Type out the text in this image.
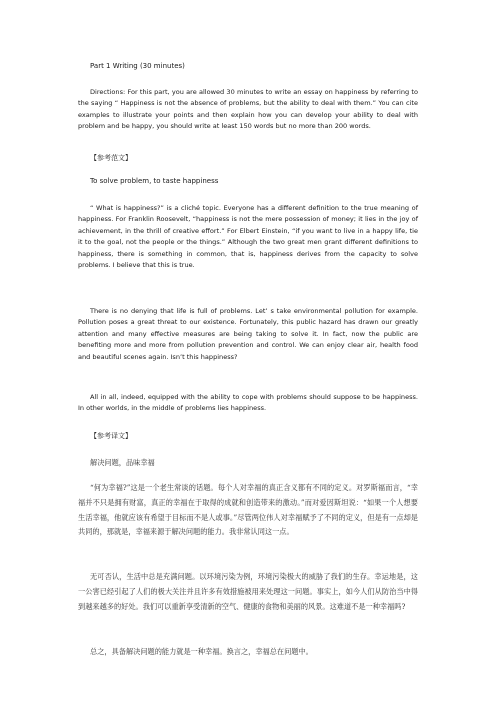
Part 1 Writing (30 minutes)

Directions: For this part, you are allowed 30 minutes to write an essay on happiness by referring to the saying “ Happiness is not the absence of problems, but the ability to deal with them.” You can cite examples to illustrate your points and then explain how you can develop your ability to deal with problem and be happy, you should write at least 150 words but no more than 200 words.

【参考范文】

To solve problem, to taste happiness

“ What is happiness?” is a cliché topic. Everyone has a different definition to the true meaning of happiness. For Franklin Roosevelt, “happiness is not the mere possession of money; it lies in the joy of achievement, in the thrill of creative effort.” For Elbert Einstein, “if you want to live in a happy life, tie it to the goal, not the people or the things.” Although the two great men grant different definitions to happiness, there is something in common, that is, happiness derives from the capacity to solve problems. I believe that this is true.

There is no denying that life is full of problems. Let’ s take environmental pollution for example. Pollution poses a great threat to our existence. Fortunately, this public hazard has drawn our greatly attention and many effective measures are being taking to solve it. In fact, now the public are benefiting more and more from pollution prevention and control. We can enjoy clear air, health food and beautiful scenes again. Isn’t this happiness?

All in all, indeed, equipped with the ability to cope with problems should suppose to be happiness. In other worlds, in the middle of problems lies happiness.

【参考译文】

解决问题，品味幸福

“何为幸福?”这是一个老生常谈的话题。每个人对幸福的真正含义都有不同的定义。对罗斯福而言，“幸福并不只是拥有财富，真正的幸福在于取得的成就和创造带来的激动。”而对爱因斯坦说：“如果一个人想要生活幸福，他就应该有希望于目标而不是人或事。”尽管两位伟人对幸福赋予了不同的定义，但是有一点却是共同的，那就是，幸福来源于解决问题的能力。我非常认同这一点。

无可否认，生活中总是充满问题。以环境污染为例，环境污染极大的威胁了我们的生存。幸运地是，这一公害已经引起了人们的极大关注并且许多有效措施被用来处理这一问题。事实上，如今人们从防治当中得到越来越多的好处。我们可以重新享受清新的空气、健康的食物和美丽的风景。这难道不是一种幸福吗?

总之，具备解决问题的能力就是一种幸福。换言之，幸福总在问题中。
